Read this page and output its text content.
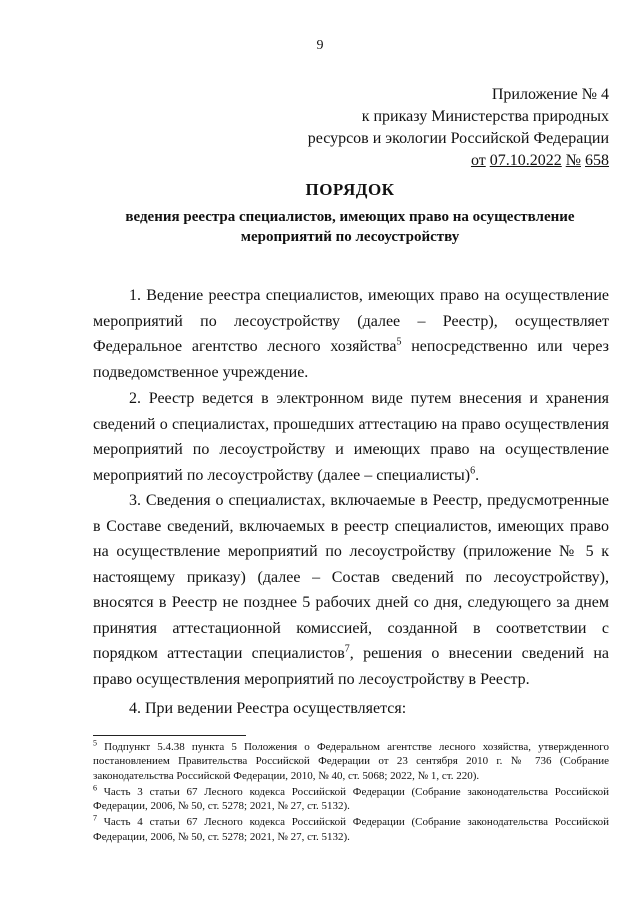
9
Приложение № 4
к приказу Министерства природных
ресурсов и экологии Российской Федерации
от 07.10.2022 № 658
ПОРЯДОК
ведения реестра специалистов, имеющих право на осуществление
мероприятий по лесоустройству

1. Ведение реестра специалистов, имеющих право на осуществление мероприятий по лесоустройству (далее – Реестр), осуществляет Федеральное агентство лесного хозяйства$^5$ непосредственно или через подведомственное учреждение.

2. Реестр ведется в электронном виде путем внесения и хранения сведений о специалистах, прошедших аттестацию на право осуществления мероприятий по лесоустройству и имеющих право на осуществление мероприятий по лесоустройству (далее – специалисты)$^6$.

3. Сведения о специалистах, включаемые в Реестр, предусмотренные в Составе сведений, включаемых в реестр специалистов, имеющих право на осуществление мероприятий по лесоустройству (приложение № 5 к настоящему приказу) (далее – Состав сведений по лесоустройству), вносятся в Реестр не позднее 5 рабочих дней со дня, следующего за днем принятия аттестационной комиссией, созданной в соответствии с порядком аттестации специалистов$^7$, решения о внесении сведений на право осуществления мероприятий по лесоустройству в Реестр.

4. При ведении Реестра осуществляется:

$^5$ Подпункт 5.4.38 пункта 5 Положения о Федеральном агентстве лесного хозяйства, утвержденного постановлением Правительства Российской Федерации от 23 сентября 2010 г. № 736 (Собрание законодательства Российской Федерации, 2010, № 40, ст. 5068; 2022, № 1, ст. 220).
$^6$ Часть 3 статьи 67 Лесного кодекса Российской Федерации (Собрание законодательства Российской Федерации, 2006, № 50, ст. 5278; 2021, № 27, ст. 5132).
$^7$ Часть 4 статьи 67 Лесного кодекса Российской Федерации (Собрание законодательства Российской Федерации, 2006, № 50, ст. 5278; 2021, № 27, ст. 5132).
